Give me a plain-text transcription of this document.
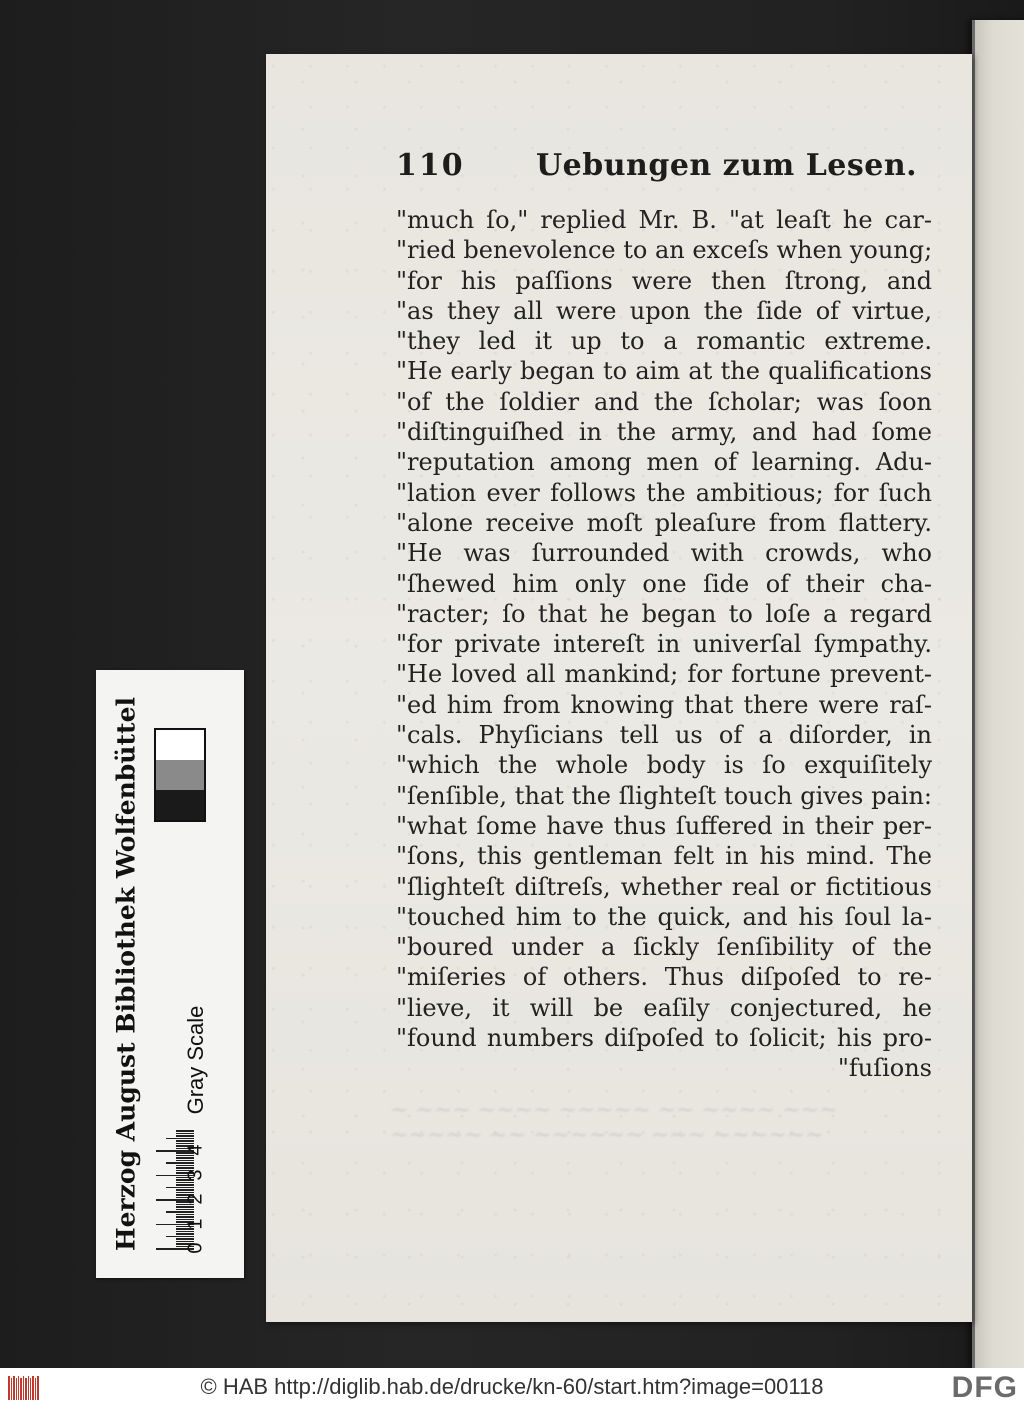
~ ~~~ ~~~~ ~~~~~ ~~ ~~~~ ~~~
~~~~~ ~~ ~~~~~~ ~~~ ~~~~~~
110 Uebungen zum Lesen.
"much ſo," replied Mr. B. "at leaſt he car-
"ried benevolence to an exceſs when young;
"for his paſſions were then ſtrong, and
"as they all were upon the ſide of virtue,
"they led it up to a romantic extreme.
"He early began to aim at the qualifications
"of the ſoldier and the ſcholar; was ſoon
"diſtinguiſhed in the army, and had ſome
"reputation among men of learning. Adu-
"lation ever follows the ambitious; for ſuch
"alone receive moſt pleaſure from flattery.
"He was ſurrounded with crowds, who
"ſhewed him only one ſide of their cha-
"racter; ſo that he began to loſe a regard
"for private intereſt in univerſal ſympathy.
"He loved all mankind; for fortune prevent-
"ed him from knowing that there were raſ-
"cals. Phyſicians tell us of a diſorder, in
"which the whole body is ſo exquiſitely
"ſenſible, that the ſlighteſt touch gives pain:
"what ſome have thus ſuffered in their per-
"ſons, this gentleman felt in his mind. The
"ſlighteſt diſtreſs, whether real or fictitious
"touched him to the quick, and his ſoul la-
"boured under a ſickly ſenſibility of the
"miſeries of others. Thus diſpoſed to re-
"lieve, it will be eaſily conjectured, he
"found numbers diſpoſed to ſolicit; his pro-
"fuſions
Herzog August Bibliothek Wolfenbüttel Gray Scale
0
1
2
3
4
© HAB http://diglib.hab.de/drucke/kn-60/start.htm?image=00118	DFG
